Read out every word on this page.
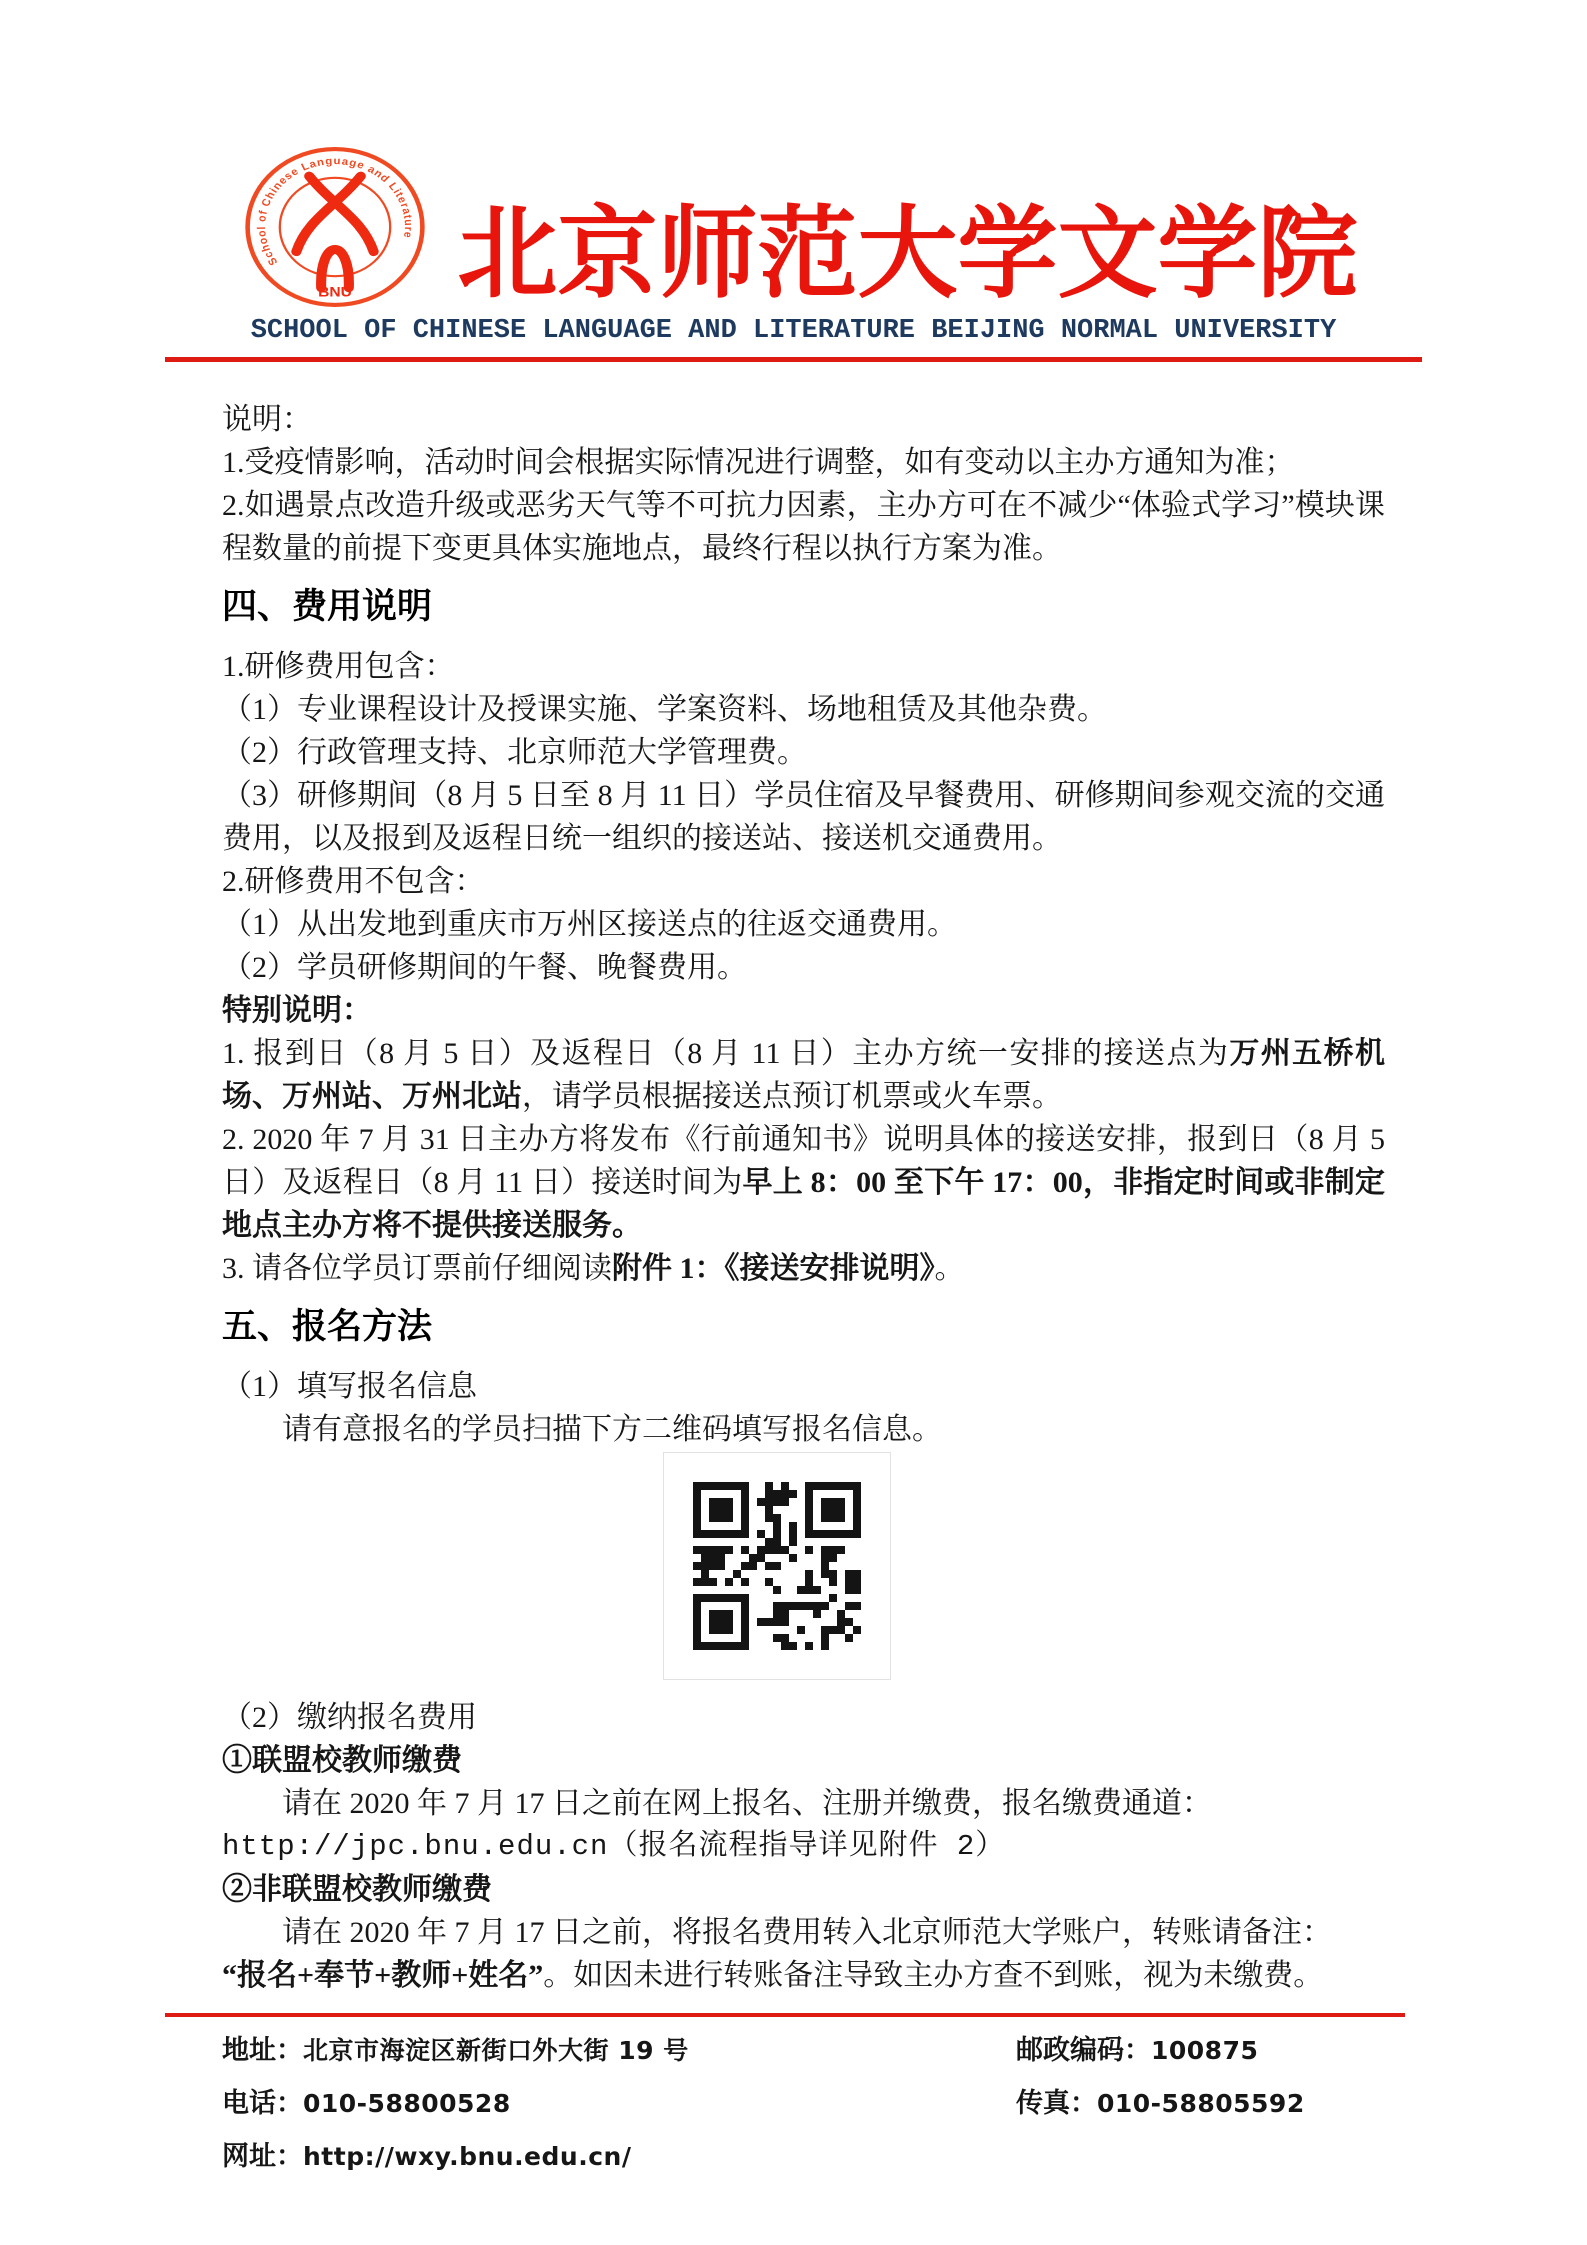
School of Chinese Language and Literature
BNU 北京师范大学文学院
SCHOOL OF CHINESE LANGUAGE AND LITERATURE BEIJING NORMAL UNIVERSITY

说明：

1.受疫情影响，活动时间会根据实际情况进行调整，如有变动以主办方通知为准；

2.如遇景点改造升级或恶劣天气等不可抗力因素，主办方可在不减少“体验式学习”模块课程数量的前提下变更具体实施地点，最终行程以执行方案为准。

四、费用说明

1.研修费用包含：

（1）专业课程设计及授课实施、学案资料、场地租赁及其他杂费。

（2）行政管理支持、北京师范大学管理费。

（3）研修期间（8 月 5 日至 8 月 11 日）学员住宿及早餐费用、研修期间参观交流的交通费用，以及报到及返程日统一组织的接送站、接送机交通费用。

2.研修费用不包含：

（1）从出发地到重庆市万州区接送点的往返交通费用。

（2）学员研修期间的午餐、晚餐费用。

特别说明：

1. 报到日（8 月 5 日）及返程日（8 月 11 日）主办方统一安排的接送点为万州五桥机场、万州站、万州北站，请学员根据接送点预订机票或火车票。

2. 2020 年 7 月 31 日主办方将发布《行前通知书》说明具体的接送安排，报到日（8 月 5 日）及返程日（8 月 11 日）接送时间为早上 8：00 至下午 17：00，非指定时间或非制定地点主办方将不提供接送服务。

3. 请各位学员订票前仔细阅读附件 1：《接送安排说明》。

五、报名方法

（1）填写报名信息

请有意报名的学员扫描下方二维码填写报名信息。

（2）缴纳报名费用

①联盟校教师缴费

请在 2020 年 7 月 17 日之前在网上报名、注册并缴费，报名缴费通道：

http://jpc.bnu.edu.cn（报名流程指导详见附件 2）

②非联盟校教师缴费

请在 2020 年 7 月 17 日之前，将报名费用转入北京师范大学账户，转账请备注：

“报名+奉节+教师+姓名”。如因未进行转账备注导致主办方查不到账，视为未缴费。

地址：北京市海淀区新街口外大街 19 号	邮政编码：100875
电话：010-58800528	传真：010-58805592
网址：http://wxy.bnu.edu.cn/
